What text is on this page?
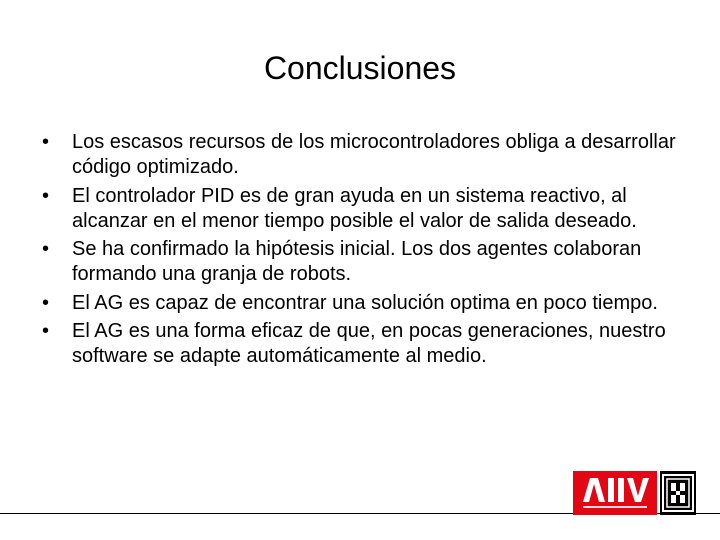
Conclusiones
•	Los escasos recursos de los microcontroladores obliga a desarrollar código optimizado.
•	El controlador PID es de gran ayuda en un sistema reactivo, al alcanzar en el menor tiempo posible el valor de salida deseado.
•	Se ha confirmado la hipótesis inicial. Los dos agentes colaboran formando una granja de robots.
•	El AG es capaz de encontrar una solución optima en poco tiempo.
•	El AG es una forma eficaz de que, en pocas generaciones, nuestro software se adapte automáticamente al medio.
